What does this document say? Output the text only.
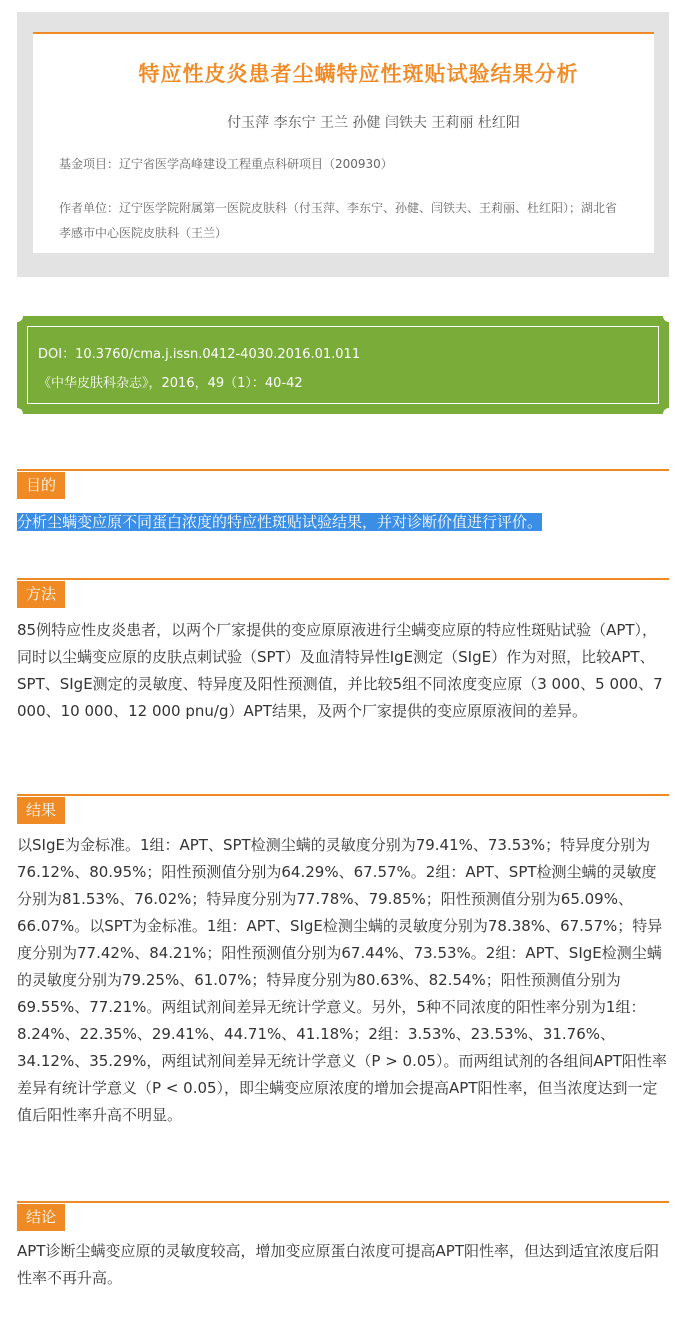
特应性皮炎患者尘螨特应性斑贴试验结果分析
付玉萍 李东宁 王兰 孙健 闫铁夫 王莉丽 杜红阳
基金项目：辽宁省医学高峰建设工程重点科研项目（200930）
作者单位：辽宁医学院附属第一医院皮肤科（付玉萍、李东宁、孙健、闫铁夫、王莉丽、杜红阳）；湖北省孝感市中心医院皮肤科（王兰）
DOI：10.3760/cma.j.issn.0412-4030.2016.01.011
《中华皮肤科杂志》，2016，49（1）：40-42
目的
分析尘螨变应原不同蛋白浓度的特应性斑贴试验结果，并对诊断价值进行评价。
方法
85例特应性皮炎患者，以两个厂家提供的变应原原液进行尘螨变应原的特应性斑贴试验（APT），同时以尘螨变应原的皮肤点刺试验（SPT）及血清特异性IgE测定（SIgE）作为对照，比较APT、SPT、SIgE测定的灵敏度、特异度及阳性预测值，并比较5组不同浓度变应原（3 000、5 000、7 000、10 000、12 000 pnu/g）APT结果，及两个厂家提供的变应原原液间的差异。
结果
以SIgE为金标准。1组：APT、SPT检测尘螨的灵敏度分别为79.41%、73.53%；特异度分别为76.12%、80.95%；阳性预测值分别为64.29%、67.57%。2组：APT、SPT检测尘螨的灵敏度分别为81.53%、76.02%；特异度分别为77.78%、79.85%；阳性预测值分别为65.09%、66.07%。以SPT为金标准。1组：APT、SIgE检测尘螨的灵敏度分别为78.38%、67.57%；特异度分别为77.42%、84.21%；阳性预测值分别为67.44%、73.53%。2组：APT、SIgE检测尘螨的灵敏度分别为79.25%、61.07%；特异度分别为80.63%、82.54%；阳性预测值分别为69.55%、77.21%。两组试剂间差异无统计学意义。另外，5种不同浓度的阳性率分别为1组：8.24%、22.35%、29.41%、44.71%、41.18%；2组：3.53%、23.53%、31.76%、34.12%、35.29%，两组试剂间差异无统计学意义（P > 0.05）。而两组试剂的各组间APT阳性率差异有统计学意义（P < 0.05），即尘螨变应原浓度的增加会提高APT阳性率，但当浓度达到一定值后阳性率升高不明显。
结论
APT诊断尘螨变应原的灵敏度较高，增加变应原蛋白浓度可提高APT阳性率，但达到适宜浓度后阳性率不再升高。
